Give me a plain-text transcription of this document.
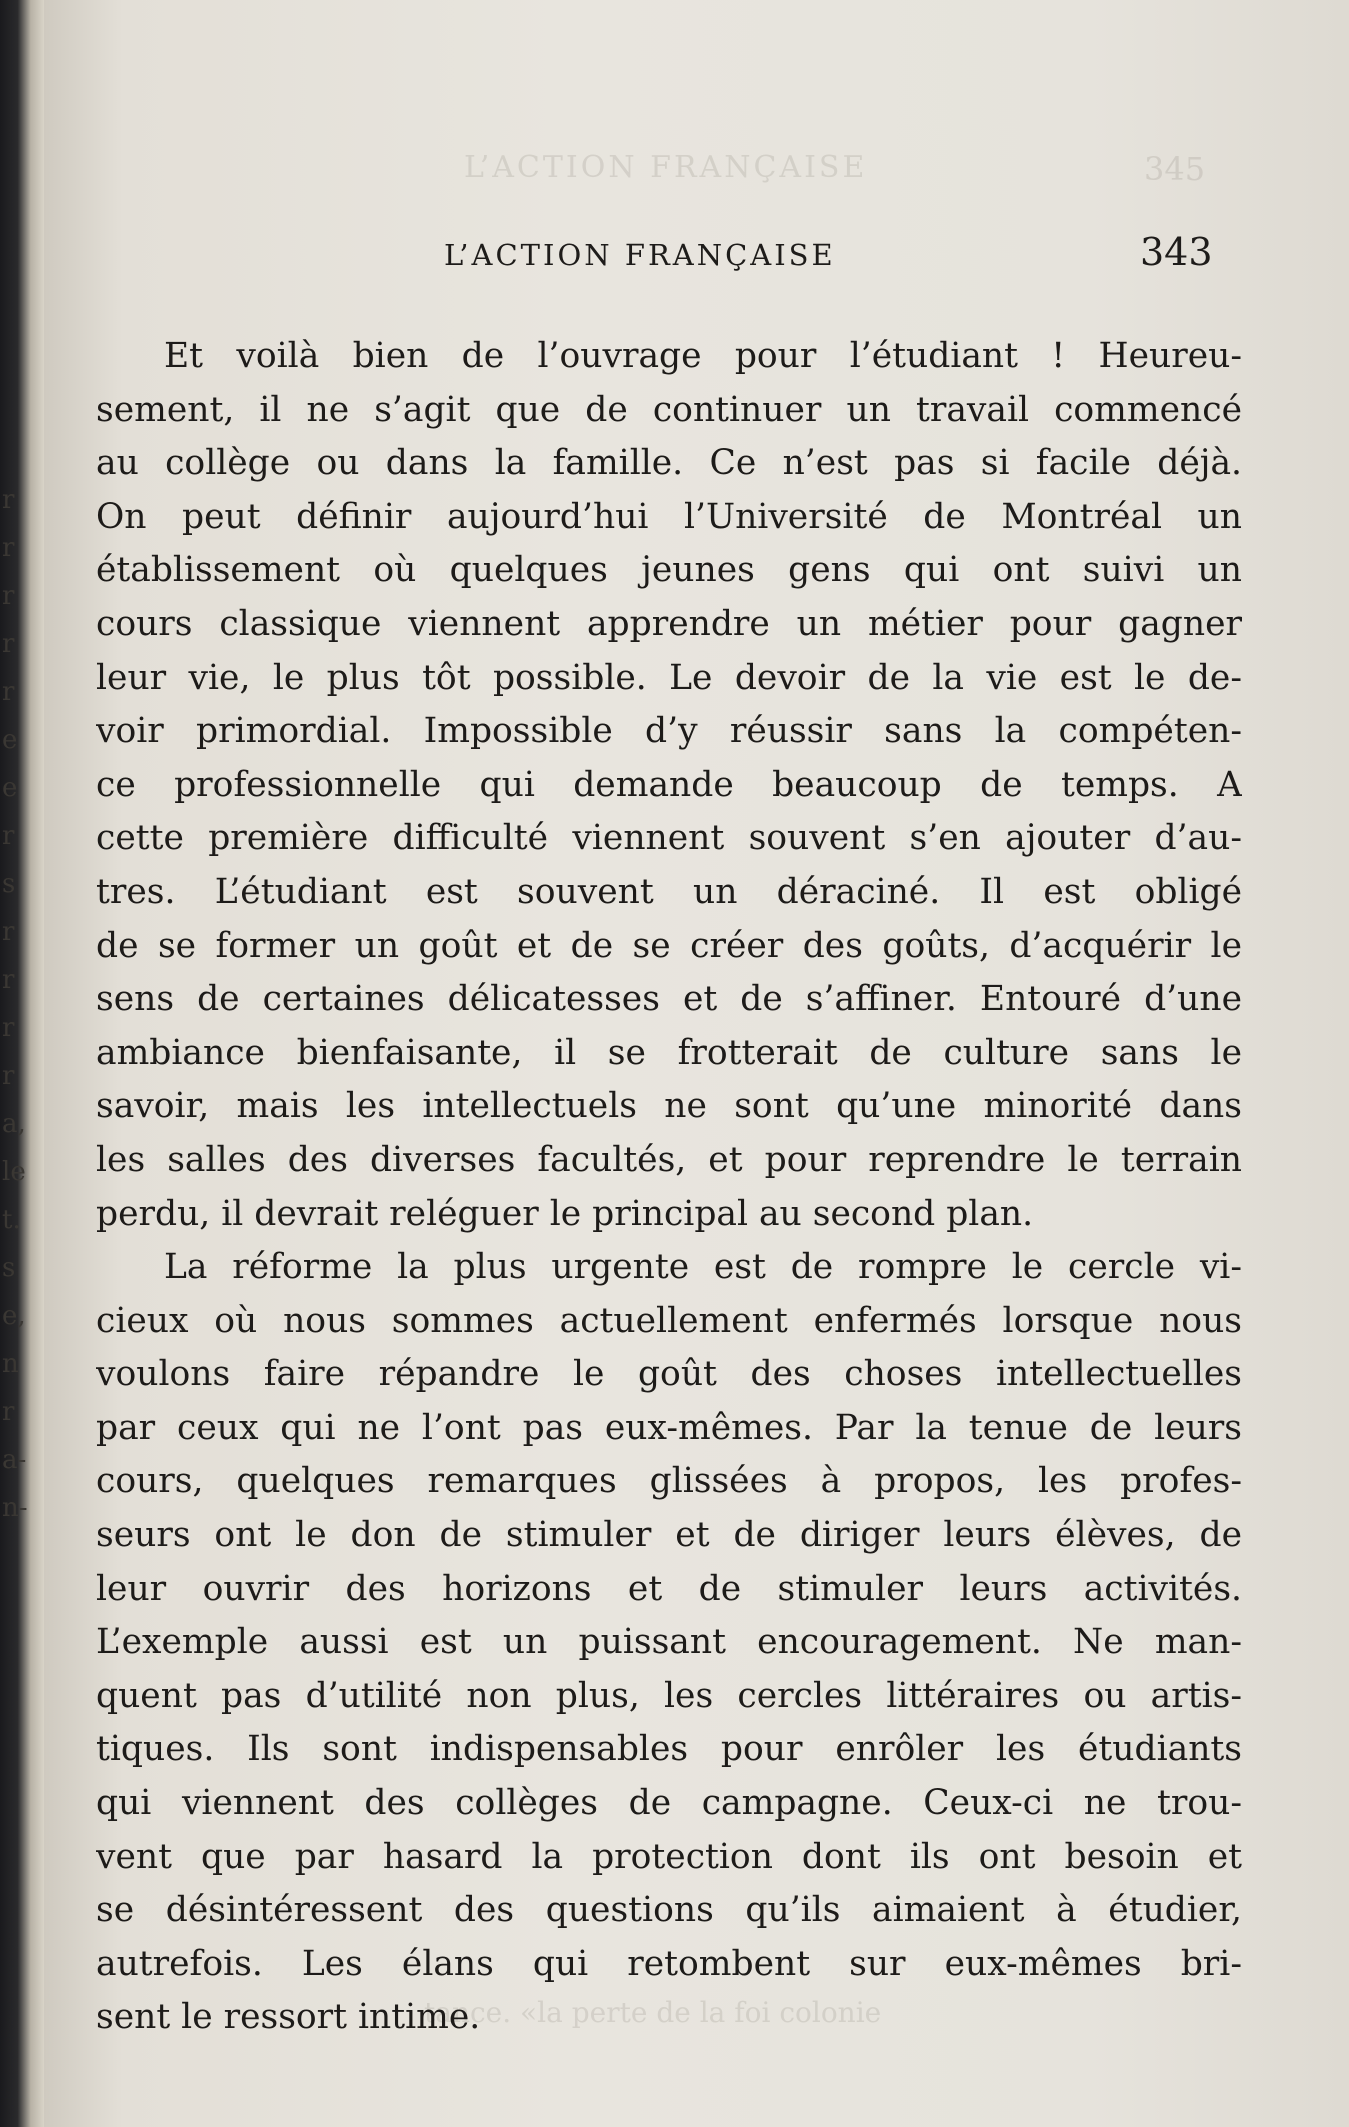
r
r
r
r
r
e
e
r
s
r
r
r
r
a,
le
t.
s
e,
n
r
a-
n-
L’ACTION FRANÇAISE	345
tance. «la perte de la foi colonie
L’ACTION FRANÇAISE	343
Et voilà bien de l’ouvrage pour l’étudiant ! Heureu-
sement, il ne s’agit que de continuer un travail commencé
au collège ou dans la famille. Ce n’est pas si facile déjà.
On peut définir aujourd’hui l’Université de Montréal un
établissement où quelques jeunes gens qui ont suivi un
cours classique viennent apprendre un métier pour gagner
leur vie, le plus tôt possible. Le devoir de la vie est le de-
voir primordial. Impossible d’y réussir sans la compéten-
ce professionnelle qui demande beaucoup de temps. A
cette première difficulté viennent souvent s’en ajouter d’au-
tres. L’étudiant est souvent un déraciné. Il est obligé
de se former un goût et de se créer des goûts, d’acquérir le
sens de certaines délicatesses et de s’affiner. Entouré d’une
ambiance bienfaisante, il se frotterait de culture sans le
savoir, mais les intellectuels ne sont qu’une minorité dans
les salles des diverses facultés, et pour reprendre le terrain
perdu, il devrait reléguer le principal au second plan.
La réforme la plus urgente est de rompre le cercle vi-
cieux où nous sommes actuellement enfermés lorsque nous
voulons faire répandre le goût des choses intellectuelles
par ceux qui ne l’ont pas eux-mêmes. Par la tenue de leurs
cours, quelques remarques glissées à propos, les profes-
seurs ont le don de stimuler et de diriger leurs élèves, de
leur ouvrir des horizons et de stimuler leurs activités.
L’exemple aussi est un puissant encouragement. Ne man-
quent pas d’utilité non plus, les cercles littéraires ou artis-
tiques. Ils sont indispensables pour enrôler les étudiants
qui viennent des collèges de campagne. Ceux-ci ne trou-
vent que par hasard la protection dont ils ont besoin et
se désintéressent des questions qu’ils aimaient à étudier,
autrefois. Les élans qui retombent sur eux-mêmes bri-
sent le ressort intime.
